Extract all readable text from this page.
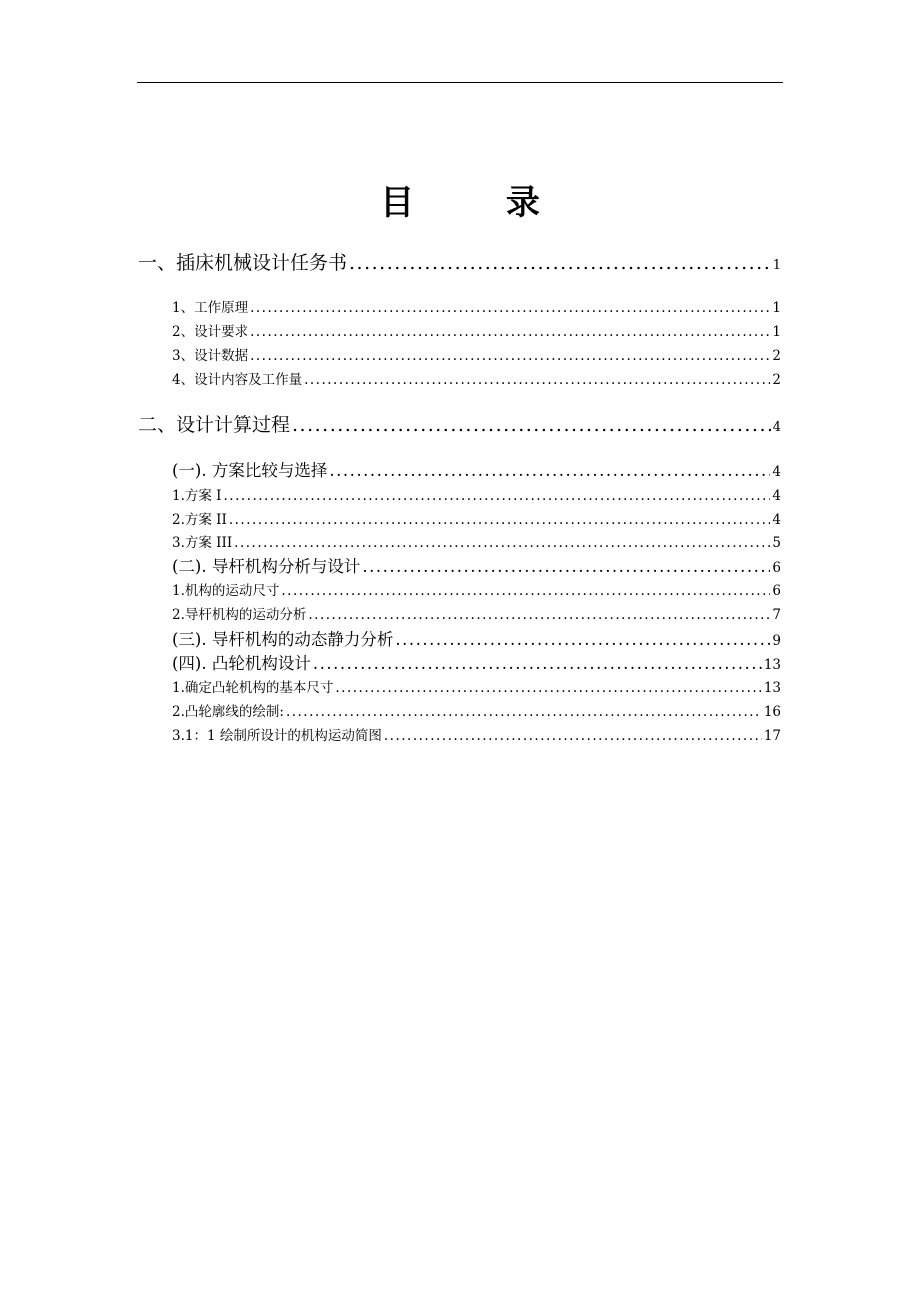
目 录
一、插床机械设计任务书 .....	1
1、工作原理 .....	1
2、设计要求 .....	1
3、设计数据 .....	2
4、设计内容及工作量 .....	2
二、设计计算过程 .....	4
(一). 方案比较与选择 .....	4
1.方案 I .....	4
2.方案 II .....	4
3.方案 III .....	5
(二). 导杆机构分析与设计 .....	6
1.机构的运动尺寸 .....	6
2.导杆机构的运动分析 .....	7
(三). 导杆机构的动态静力分析 .....	9
(四). 凸轮机构设计 .....	13
1.确定凸轮机构的基本尺寸 .....	13
2.凸轮廓线的绘制: .....	16
3.1：1 绘制所设计的机构运动简图 .....	17
